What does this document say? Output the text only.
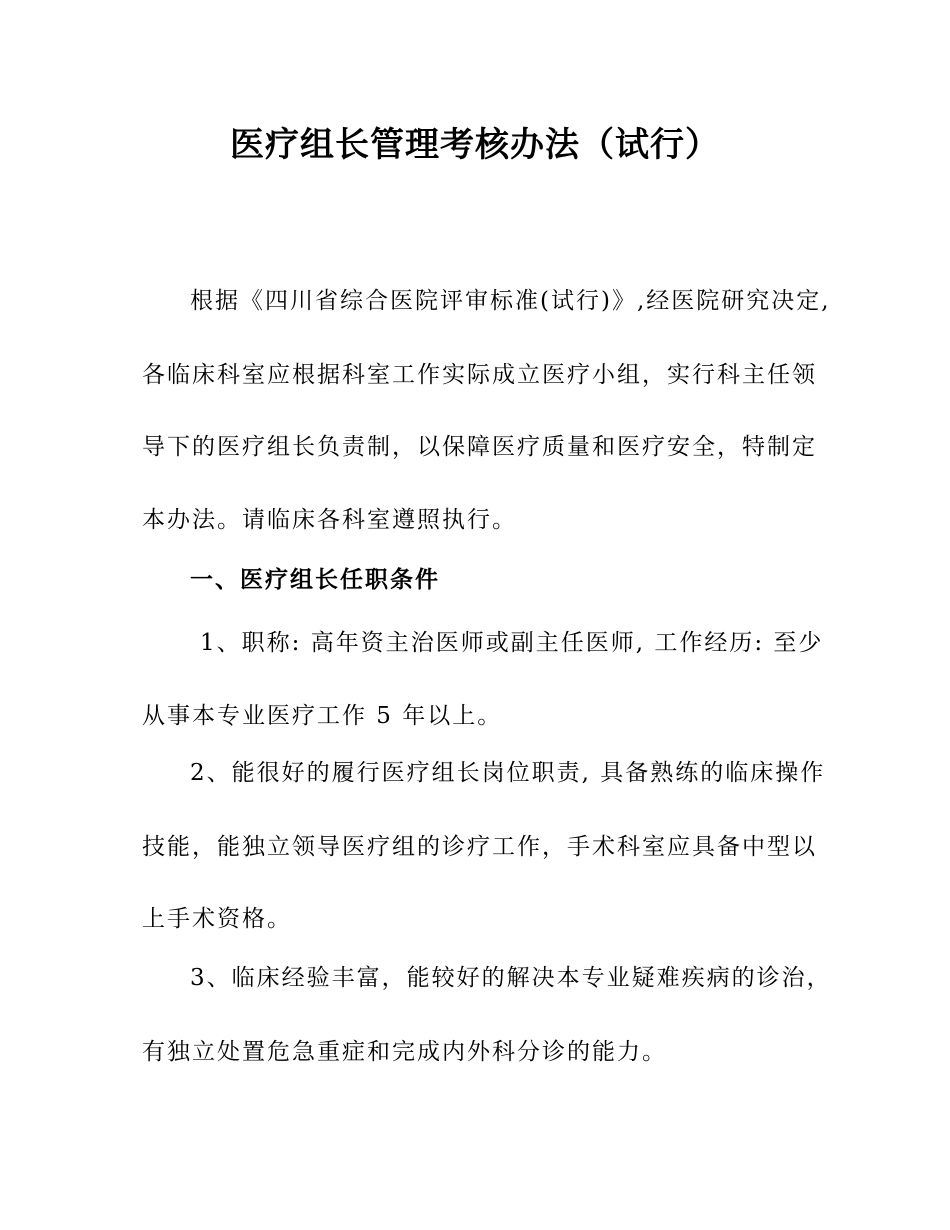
医疗组长管理考核办法（试行）
根据《四川省综合医院评审标准(试行)》,经医院研究决定,
各临床科室应根据科室工作实际成立医疗小组，实行科主任领
导下的医疗组长负责制，以保障医疗质量和医疗安全，特制定
本办法。请临床各科室遵照执行。
一、医疗组长任职条件
1、职称: 高年资主治医师或副主任医师, 工作经历: 至少
从事本专业医疗工作 5 年以上。
2、能很好的履行医疗组长岗位职责, 具备熟练的临床操作
技能，能独立领导医疗组的诊疗工作，手术科室应具备中型以
上手术资格。
3、临床经验丰富，能较好的解决本专业疑难疾病的诊治，
有独立处置危急重症和完成内外科分诊的能力。
